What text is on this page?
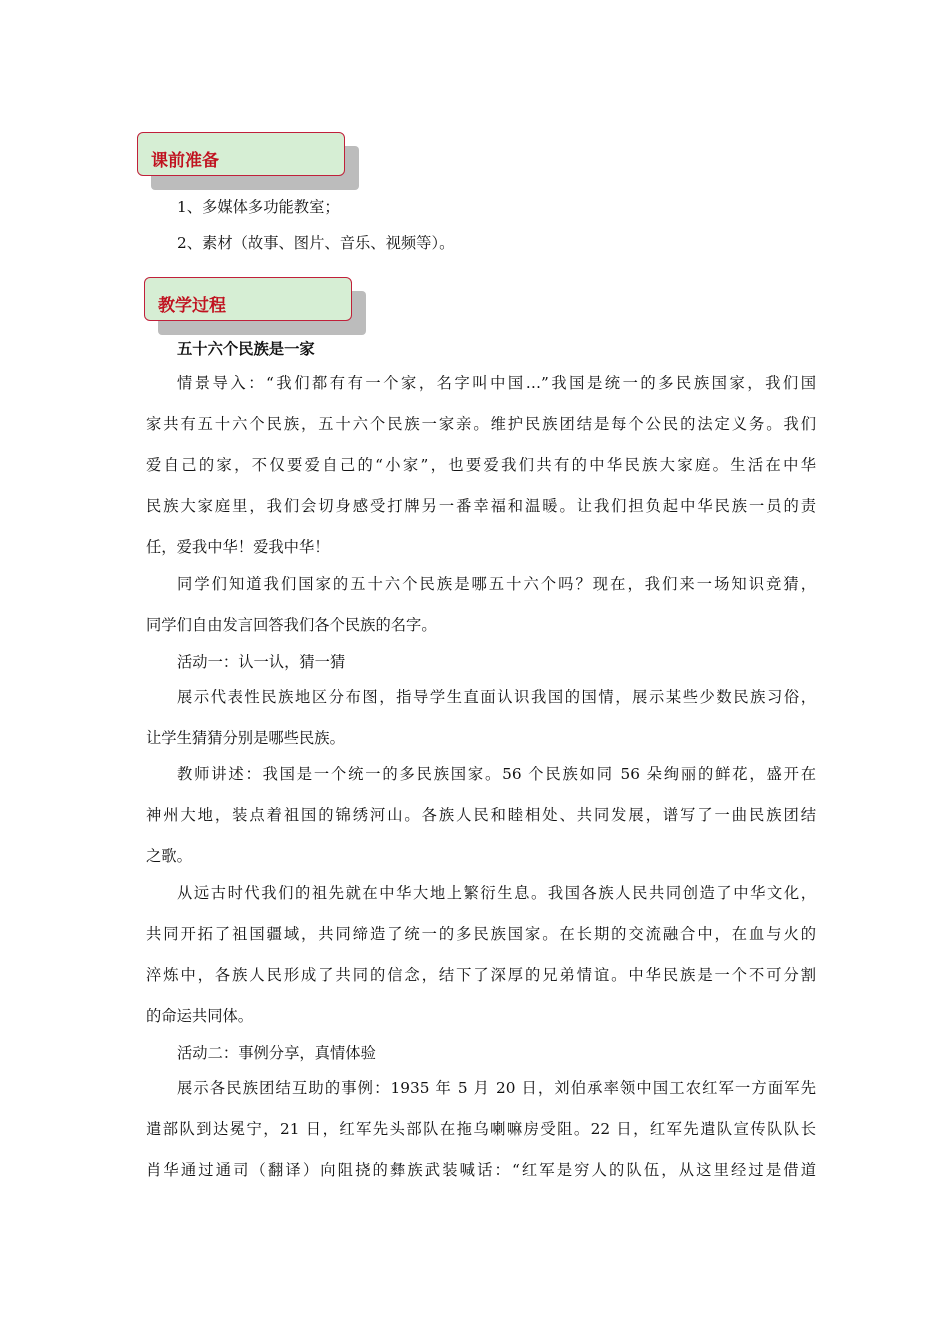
课前准备
1、多媒体多功能教室；
2、素材（故事、图片、音乐、视频等）。
教学过程
五十六个民族是一家
情景导入：“我们都有有一个家，名字叫中国…”我国是统一的多民族国家，我们国
家共有五十六个民族，五十六个民族一家亲。维护民族团结是每个公民的法定义务。我们
爱自己的家，不仅要爱自己的“小家”，也要爱我们共有的中华民族大家庭。生活在中华
民族大家庭里，我们会切身感受打牌另一番幸福和温暖。让我们担负起中华民族一员的责
任，爱我中华！爱我中华！
同学们知道我们国家的五十六个民族是哪五十六个吗？现在，我们来一场知识竞猜，
同学们自由发言回答我们各个民族的名字。
活动一：认一认，猜一猜
展示代表性民族地区分布图，指导学生直面认识我国的国情，展示某些少数民族习俗，
让学生猜猜分别是哪些民族。
教师讲述：我国是一个统一的多民族国家。56 个民族如同 56 朵绚丽的鲜花，盛开在
神州大地，装点着祖国的锦绣河山。各族人民和睦相处、共同发展，谱写了一曲民族团结
之歌。
从远古时代我们的祖先就在中华大地上繁衍生息。我国各族人民共同创造了中华文化，
共同开拓了祖国疆域，共同缔造了统一的多民族国家。在长期的交流融合中，在血与火的
淬炼中，各族人民形成了共同的信念，结下了深厚的兄弟情谊。中华民族是一个不可分割
的命运共同体。
活动二：事例分享，真情体验
展示各民族团结互助的事例：1935 年 5 月 20 日，刘伯承率领中国工农红军一方面军先
遣部队到达冕宁，21 日，红军先头部队在拖乌喇嘛房受阻。22 日，红军先遣队宣传队队长
肖华通过通司（翻译）向阻挠的彝族武装喊话：“红军是穷人的队伍，从这里经过是借道
